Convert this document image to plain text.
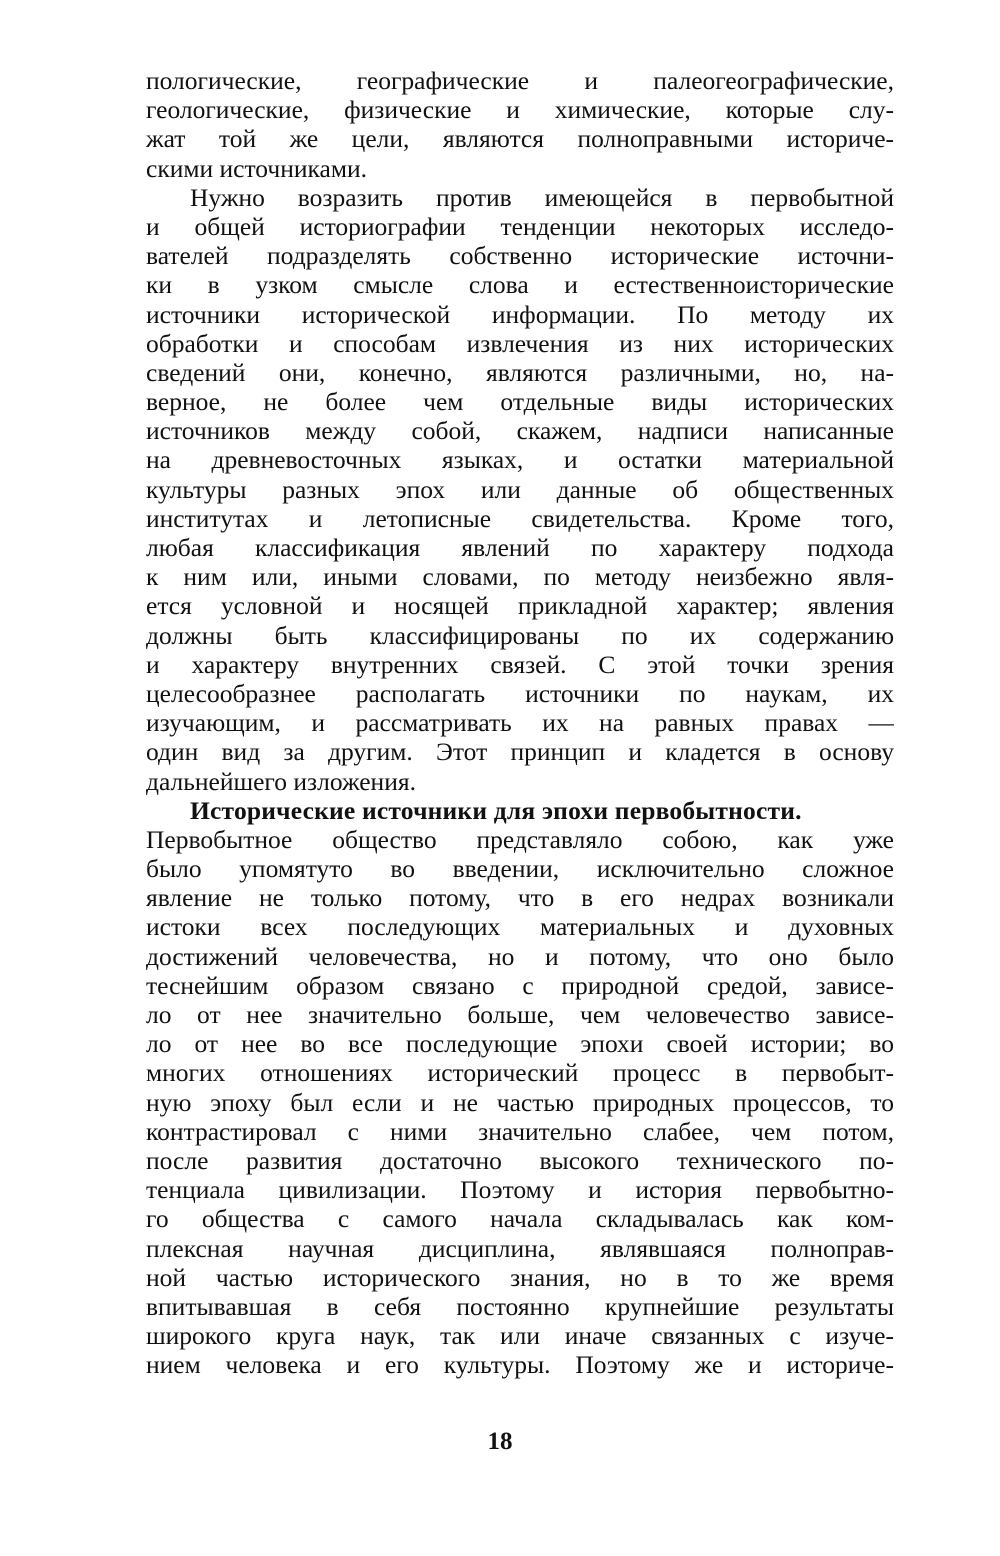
пологические, географические и палеогеографические,
геологические, физические и химические, которые слу-
жат той же цели, являются полноправными историче-
скими источниками.
Нужно возразить против имеющейся в первобытной
и общей историографии тенденции некоторых исследо-
вателей подразделять собственно исторические источни-
ки в узком смысле слова и естественноисторические
источники исторической информации. По методу их
обработки и способам извлечения из них исторических
сведений они, конечно, являются различными, но, на-
верное, не более чем отдельные виды исторических
источников между собой, скажем, надписи написанные
на древневосточных языках, и остатки материальной
культуры разных эпох или данные об общественных
институтах и летописные свидетельства. Кроме того,
любая классификация явлений по характеру подхода
к ним или, иными словами, по методу неизбежно явля-
ется условной и носящей прикладной характер; явления
должны быть классифицированы по их содержанию
и характеру внутренних связей. С этой точки зрения
целесообразнее располагать источники по наукам, их
изучающим, и рассматривать их на равных правах —
один вид за другим. Этот принцип и кладется в основу
дальнейшего изложения.
Исторические источники для эпохи первобытности.
Первобытное общество представляло собою, как уже
было упомятуто во введении, исключительно сложное
явление не только потому, что в его недрах возникали
истоки всех последующих материальных и духовных
достижений человечества, но и потому, что оно было
теснейшим образом связано с природной средой, зависе-
ло от нее значительно больше, чем человечество зависе-
ло от нее во все последующие эпохи своей истории; во
многих отношениях исторический процесс в первобыт-
ную эпоху был если и не частью природных процессов, то
контрастировал с ними значительно слабее, чем потом,
после развития достаточно высокого технического по-
тенциала цивилизации. Поэтому и история первобытно-
го общества с самого начала складывалась как ком-
плексная научная дисциплина, являвшаяся полноправ-
ной частью исторического знания, но в то же время
впитывавшая в себя постоянно крупнейшие результаты
широкого круга наук, так или иначе связанных с изуче-
нием человека и его культуры. Поэтому же и историче-
18
